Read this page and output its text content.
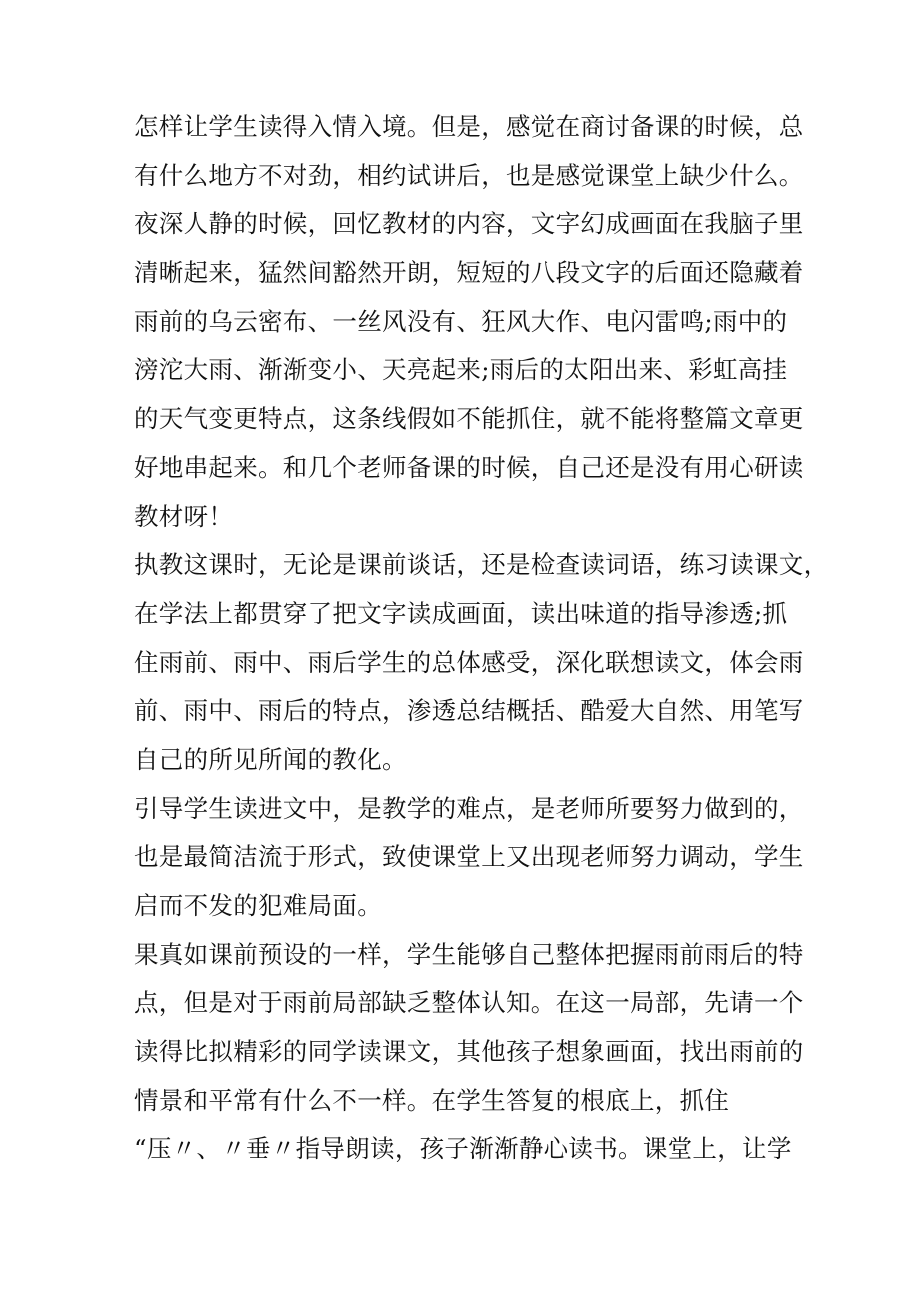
怎样让学生读得入情入境。但是，感觉在商讨备课的时候，总
有什么地方不对劲，相约试讲后，也是感觉课堂上缺少什么。
夜深人静的时候，回忆教材的内容，文字幻成画面在我脑子里
清晰起来，猛然间豁然开朗，短短的八段文字的后面还隐藏着
雨前的乌云密布、一丝风没有、狂风大作、电闪雷鸣;雨中的
滂沱大雨、渐渐变小、天亮起来;雨后的太阳出来、彩虹高挂
的天气变更特点，这条线假如不能抓住，就不能将整篇文章更
好地串起来。和几个老师备课的时候，自己还是没有用心研读
教材呀！
执教这课时，无论是课前谈话，还是检查读词语，练习读课文，
在学法上都贯穿了把文字读成画面，读出味道的指导渗透;抓
住雨前、雨中、雨后学生的总体感受，深化联想读文，体会雨
前、雨中、雨后的特点，渗透总结概括、酷爱大自然、用笔写
自己的所见所闻的教化。
引导学生读进文中，是教学的难点，是老师所要努力做到的，
也是最简洁流于形式，致使课堂上又出现老师努力调动，学生
启而不发的犯难局面。
果真如课前预设的一样，学生能够自己整体把握雨前雨后的特
点，但是对于雨前局部缺乏整体认知。在这一局部，先请一个
读得比拟精彩的同学读课文，其他孩子想象画面，找出雨前的
情景和平常有什么不一样。在学生答复的根底上，抓住
“压〃、〃垂〃指导朗读，孩子渐渐静心读书。课堂上，让学
